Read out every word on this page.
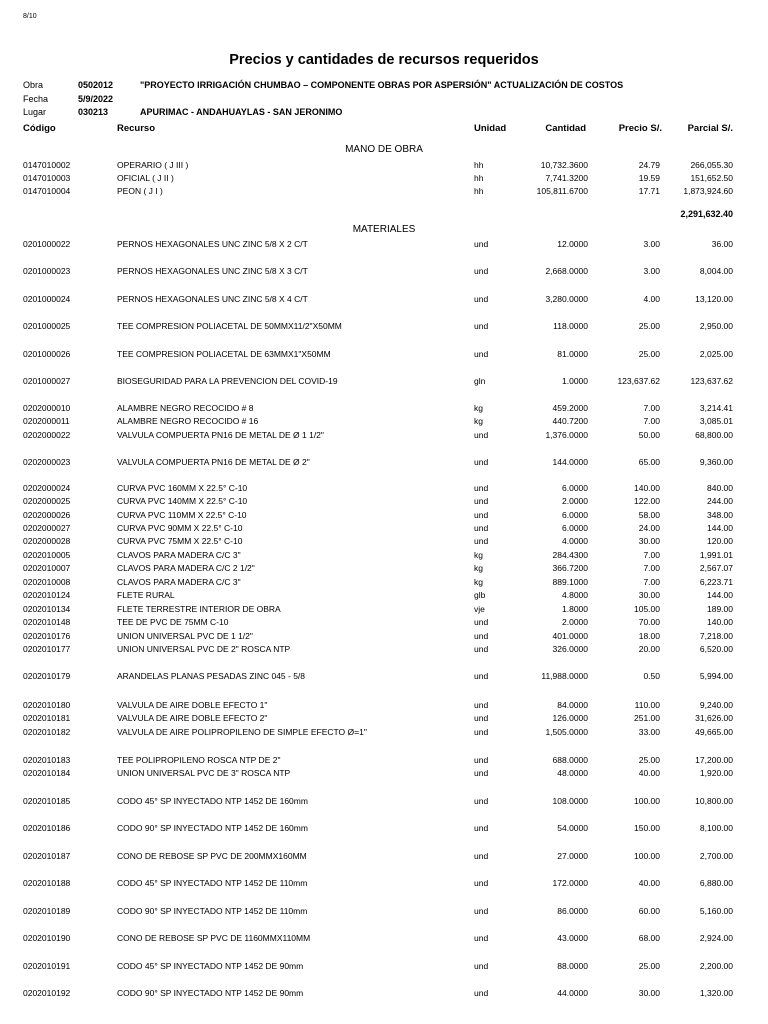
8/10
Precios y cantidades de recursos requeridos
Obra	0502012	"PROYECTO IRRIGACIÓN CHUMBAO – COMPONENTE OBRAS POR ASPERSIÓN" ACTUALIZACIÓN DE COSTOS
Fecha	5/9/2022
Lugar	030213	APURIMAC - ANDAHUAYLAS - SAN JERONIMO
Código	Recurso	Unidad	Cantidad	Precio S/.	Parcial S/.
MANO DE OBRA
0147010002	OPERARIO ( J III )	hh	10,732.3600	24.79	266,055.30
0147010003	OFICIAL ( J II )	hh	7,741.3200	19.59	151,652.50
0147010004	PEON ( J I )	hh	105,811.6700	17.71	1,873,924.60
2,291,632.40
MATERIALES
0201000022	PERNOS HEXAGONALES UNC ZINC 5/8 X 2 C/T	und	12.0000	3.00	36.00
0201000023	PERNOS HEXAGONALES UNC ZINC 5/8 X 3 C/T	und	2,668.0000	3.00	8,004.00
0201000024	PERNOS HEXAGONALES UNC ZINC 5/8 X 4 C/T	und	3,280.0000	4.00	13,120.00
0201000025	TEE COMPRESION POLIACETAL DE 50MMX11/2"X50MM	und	118.0000	25.00	2,950.00
0201000026	TEE COMPRESION POLIACETAL DE 63MMX1"X50MM	und	81.0000	25.00	2,025.00
0201000027	BIOSEGURIDAD PARA LA PREVENCION DEL COVID-19	gln	1.0000	123,637.62	123,637.62
0202000010	ALAMBRE NEGRO RECOCIDO # 8	kg	459.2000	7.00	3,214.41
0202000011	ALAMBRE NEGRO RECOCIDO # 16	kg	440.7200	7.00	3,085.01
0202000022	VALVULA COMPUERTA PN16 DE METAL DE Ø 1 1/2"	und	1,376.0000	50.00	68,800.00
0202000023	VALVULA COMPUERTA PN16 DE METAL DE Ø 2"	und	144.0000	65.00	9,360.00
0202000024	CURVA PVC 160MM X 22.5° C-10	und	6.0000	140.00	840.00
0202000025	CURVA PVC 140MM X 22.5° C-10	und	2.0000	122.00	244.00
0202000026	CURVA PVC 110MM X 22.5° C-10	und	6.0000	58.00	348.00
0202000027	CURVA PVC 90MM X 22.5° C-10	und	6.0000	24.00	144.00
0202000028	CURVA PVC 75MM X 22.5° C-10	und	4.0000	30.00	120.00
0202010005	CLAVOS PARA MADERA C/C 3"	kg	284.4300	7.00	1,991.01
0202010007	CLAVOS PARA MADERA C/C 2 1/2"	kg	366.7200	7.00	2,567.07
0202010008	CLAVOS PARA MADERA C/C 3"	kg	889.1000	7.00	6,223.71
0202010124	FLETE RURAL	glb	4.8000	30.00	144.00
0202010134	FLETE TERRESTRE INTERIOR DE OBRA	vje	1.8000	105.00	189.00
0202010148	TEE DE PVC DE 75MM C-10	und	2.0000	70.00	140.00
0202010176	UNION UNIVERSAL PVC DE 1 1/2"	und	401.0000	18.00	7,218.00
0202010177	UNION UNIVERSAL PVC DE 2" ROSCA NTP	und	326.0000	20.00	6,520.00
0202010179	ARANDELAS PLANAS PESADAS ZINC 045 - 5/8	und	11,988.0000	0.50	5,994.00
0202010180	VALVULA DE AIRE DOBLE EFECTO 1"	und	84.0000	110.00	9,240.00
0202010181	VALVULA DE AIRE DOBLE EFECTO 2"	und	126.0000	251.00	31,626.00
0202010182	VALVULA DE AIRE POLIPROPILENO DE SIMPLE EFECTO Ø=1"	und	1,505.0000	33.00	49,665.00
0202010183	TEE POLIPROPILENO ROSCA NTP DE 2"	und	688.0000	25.00	17,200.00
0202010184	UNION UNIVERSAL PVC DE 3" ROSCA NTP	und	48.0000	40.00	1,920.00
0202010185	CODO 45° SP INYECTADO NTP 1452 DE 160mm	und	108.0000	100.00	10,800.00
0202010186	CODO 90° SP INYECTADO NTP 1452 DE 160mm	und	54.0000	150.00	8,100.00
0202010187	CONO DE REBOSE SP PVC DE 200MMX160MM	und	27.0000	100.00	2,700.00
0202010188	CODO 45° SP INYECTADO NTP 1452 DE 110mm	und	172.0000	40.00	6,880.00
0202010189	CODO 90° SP INYECTADO NTP 1452 DE 110mm	und	86.0000	60.00	5,160.00
0202010190	CONO DE REBOSE SP PVC DE 1160MMX110MM	und	43.0000	68.00	2,924.00
0202010191	CODO 45° SP INYECTADO NTP 1452 DE 90mm	und	88.0000	25.00	2,200.00
0202010192	CODO 90° SP INYECTADO NTP 1452 DE 90mm	und	44.0000	30.00	1,320.00
